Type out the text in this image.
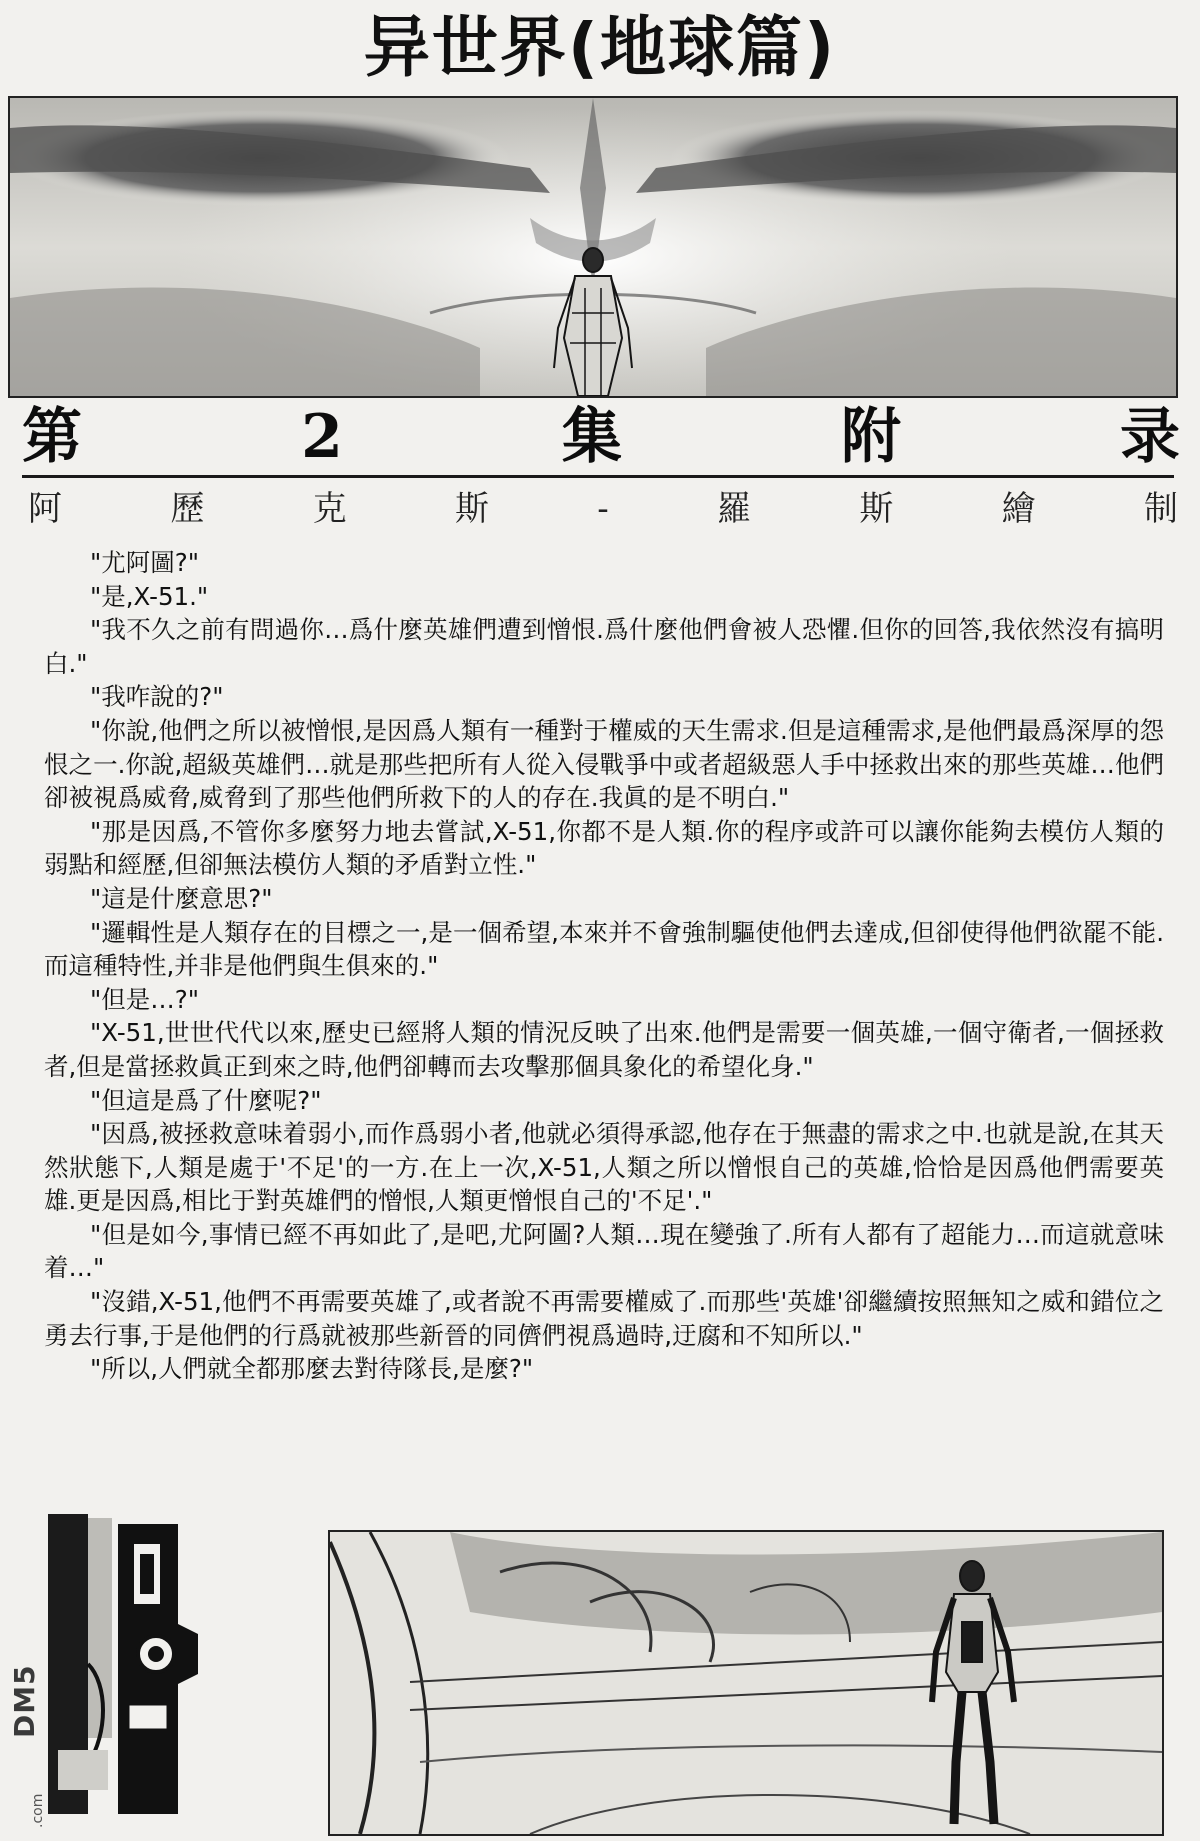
异世界(地球篇)
第	2	集	附	录
阿	歷	克	斯	-	羅	斯	繪	制

"尤阿圖?"

"是,X-51."

"我不久之前有問過你…爲什麼英雄們遭到憎恨.爲什麼他們會被人恐懼.但你的回答,我依然沒有搞明白."

"我咋說的?"

"你說,他們之所以被憎恨,是因爲人類有一種對于權威的天生需求.但是這種需求,是他們最爲深厚的怨恨之一.你說,超級英雄們…就是那些把所有人從入侵戰爭中或者超級惡人手中拯救出來的那些英雄…他們卻被視爲威脅,威脅到了那些他們所救下的人的存在.我眞的是不明白."

"那是因爲,不管你多麼努力地去嘗試,X-51,你都不是人類.你的程序或許可以讓你能夠去模仿人類的弱點和經歷,但卻無法模仿人類的矛盾對立性."

"這是什麼意思?"

"邏輯性是人類存在的目標之一,是一個希望,本來并不會強制驅使他們去達成,但卻使得他們欲罷不能.而這種特性,并非是他們與生俱來的."

"但是…?"

"X-51,世世代代以來,歷史已經將人類的情況反映了出來.他們是需要一個英雄,一個守衛者,一個拯救者,但是當拯救眞正到來之時,他們卻轉而去攻擊那個具象化的希望化身."

"但這是爲了什麼呢?"

"因爲,被拯救意味着弱小,而作爲弱小者,他就必須得承認,他存在于無盡的需求之中.也就是說,在其天然狀態下,人類是處于'不足'的一方.在上一次,X-51,人類之所以憎恨自己的英雄,恰恰是因爲他們需要英雄.更是因爲,相比于對英雄們的憎恨,人類更憎恨自己的'不足'."

"但是如今,事情已經不再如此了,是吧,尤阿圖?人類…現在變強了.所有人都有了超能力…而這就意味着…"

"沒錯,X-51,他們不再需要英雄了,或者說不再需要權威了.而那些'英雄'卻繼續按照無知之威和錯位之勇去行事,于是他們的行爲就被那些新晉的同儕們視爲過時,迂腐和不知所以."

"所以,人們就全都那麼去對待隊長,是麼?"

DM5
.com
